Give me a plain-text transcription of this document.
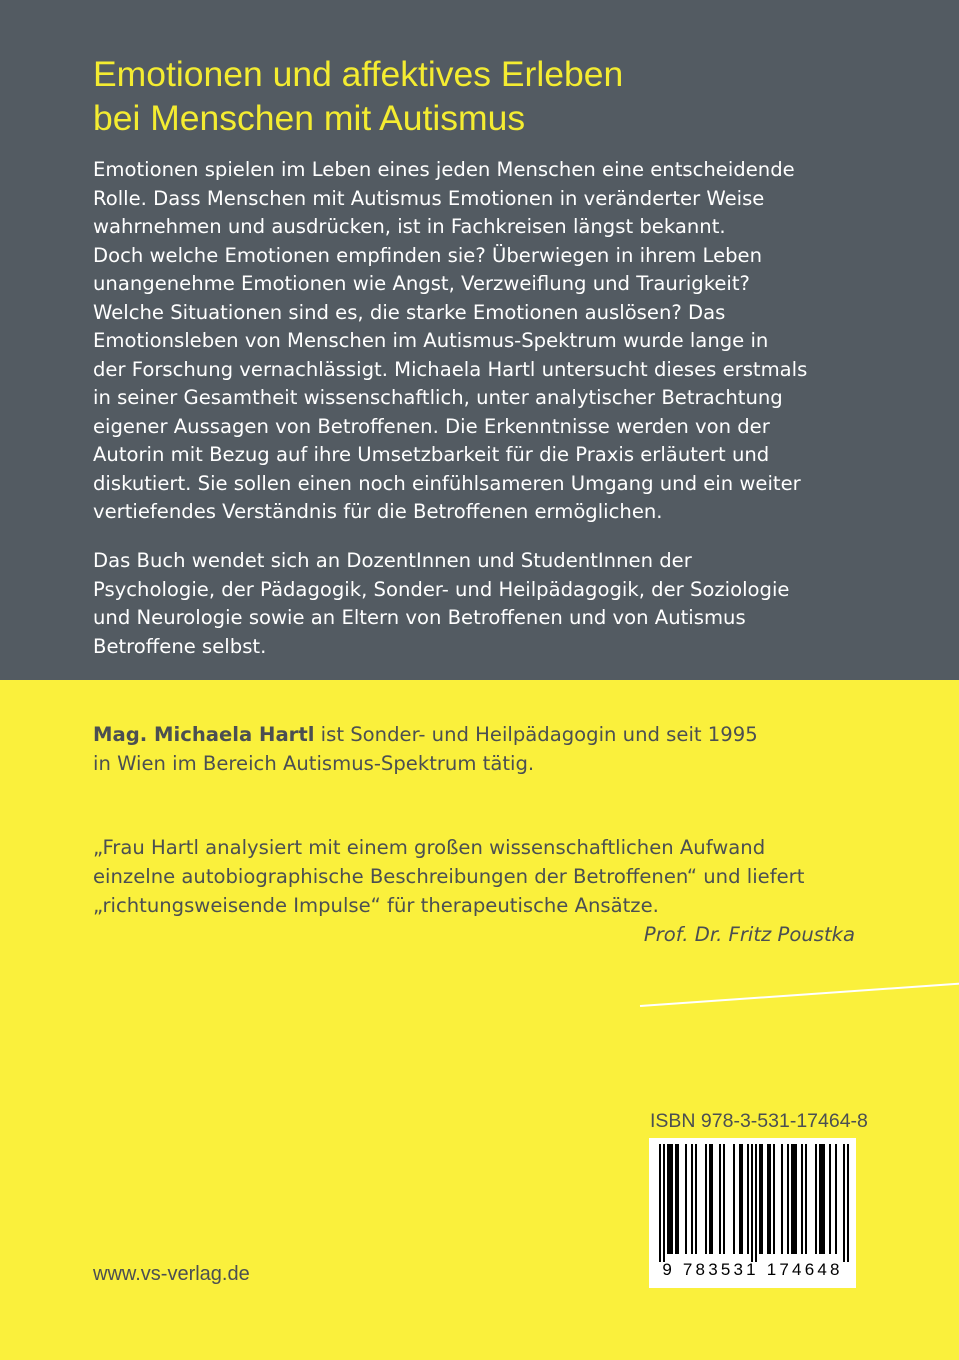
Emotionen und affektives Erleben
bei Menschen mit Autismus
Emotionen spielen im Leben eines jeden Menschen eine entscheidende
Rolle. Dass Menschen mit Autismus Emotionen in veränderter Weise
wahrnehmen und ausdrücken, ist in Fachkreisen längst bekannt.
Doch welche Emotionen empfinden sie? Überwiegen in ihrem Leben
unangenehme Emotionen wie Angst, Verzweiflung und Traurigkeit?
Welche Situationen sind es, die starke Emotionen auslösen? Das
Emotionsleben von Menschen im Autismus-Spektrum wurde lange in
der Forschung vernachlässigt. Michaela Hartl untersucht dieses erstmals
in seiner Gesamtheit wissenschaftlich, unter analytischer Betrachtung
eigener Aussagen von Betroffenen. Die Erkenntnisse werden von der
Autorin mit Bezug auf ihre Umsetzbarkeit für die Praxis erläutert und
diskutiert. Sie sollen einen noch einfühlsameren Umgang und ein weiter
vertiefendes Verständnis für die Betroffenen ermöglichen.
Das Buch wendet sich an DozentInnen und StudentInnen der
Psychologie, der Pädagogik, Sonder- und Heilpädagogik, der Soziologie
und Neurologie sowie an Eltern von Betroffenen und von Autismus
Betroffene selbst.
Mag. Michaela Hartl ist Sonder- und Heilpädagogin und seit 1995
in Wien im Bereich Autismus-Spektrum tätig.
„Frau Hartl analysiert mit einem großen wissenschaftlichen Aufwand
einzelne autobiographische Beschreibungen der Betroffenen“ und liefert
„richtungsweisende Impulse“ für therapeutische Ansätze.
Prof. Dr. Fritz Poustka
ISBN 978-3-531-17464-8
9 783531 174648
www.vs-verlag.de
